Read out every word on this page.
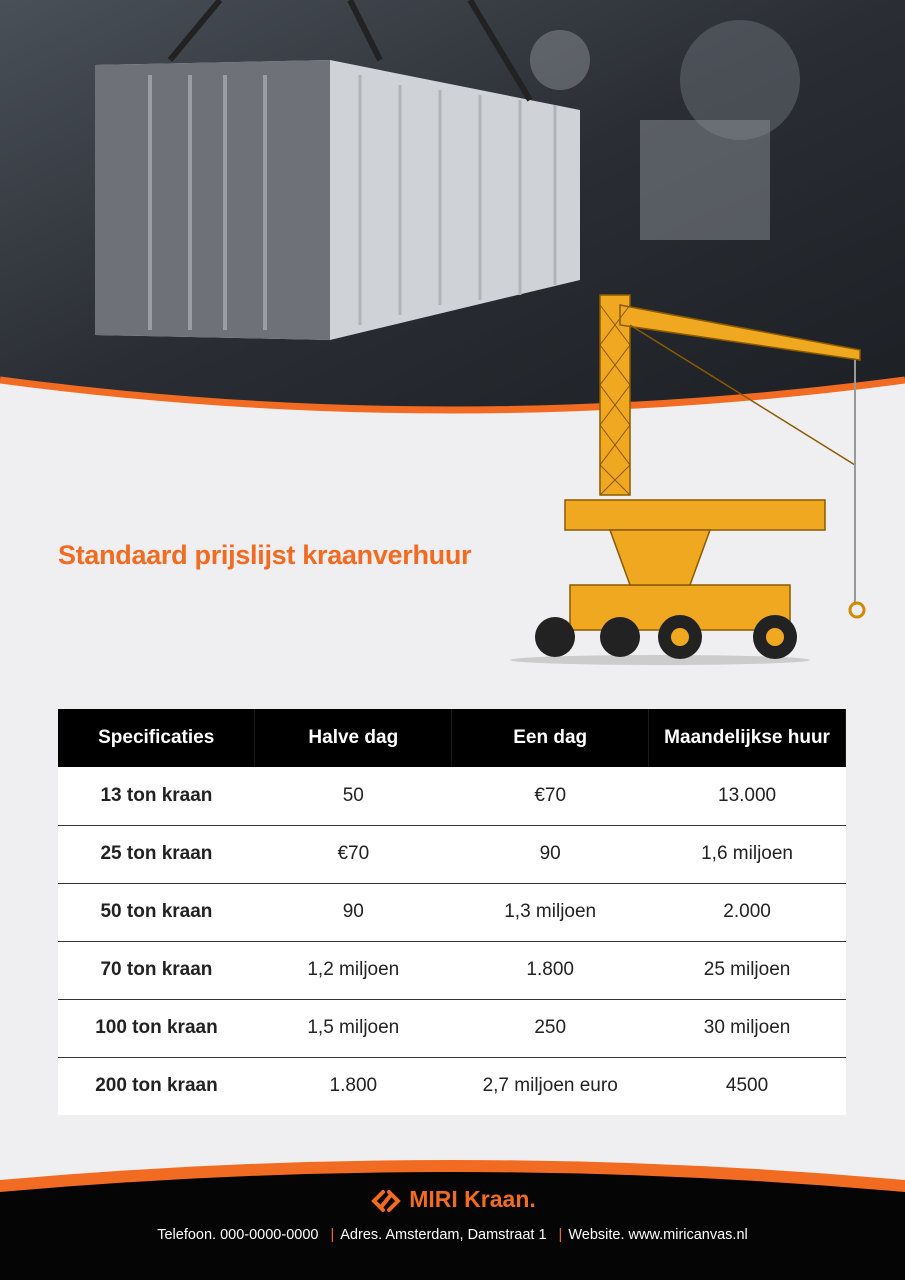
Standaard prijslijst kraanverhuur
Specificaties	Halve dag	Een dag	Maandelijkse huur
13 ton kraan	50	€70	13.000
25 ton kraan	€70	90	1,6 miljoen
50 ton kraan	90	1,3 miljoen	2.000
70 ton kraan	1,2 miljoen	1.800	25 miljoen
100 ton kraan	1,5 miljoen	250	30 miljoen
200 ton kraan	1.800	2,7 miljoen euro	4500
MIRI Kraan.
Telefoon. 000-0000-0000 | Adres. Amsterdam, Damstraat 1 | Website. www.miricanvas.nl
